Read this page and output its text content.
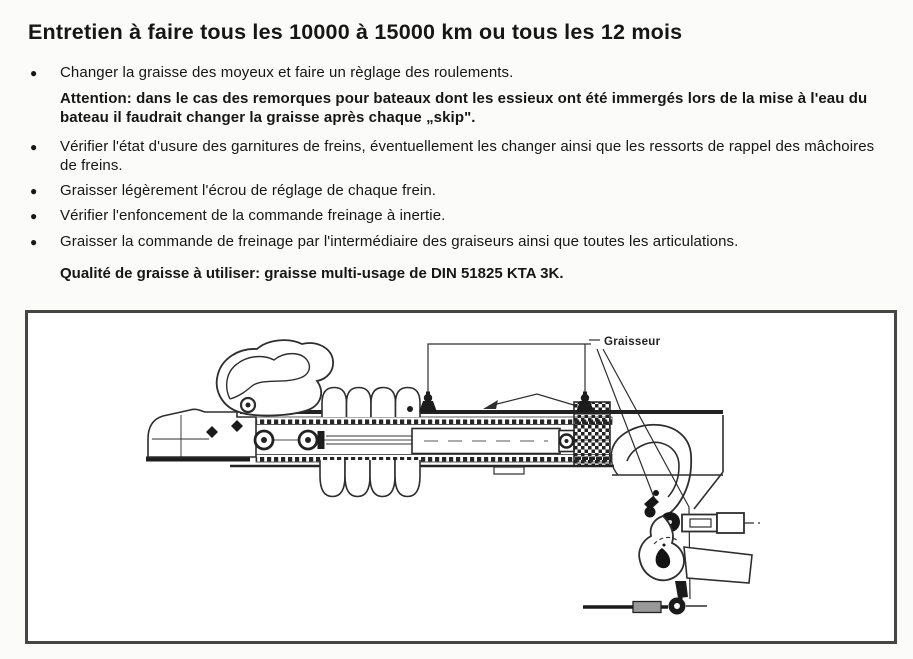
Entretien à faire tous les 10000 à 15000 km ou tous les 12 mois
●	Changer la graisse des moyeux et faire un règlage des roulements.

Attention: dans le cas des remorques pour bateaux dont les essieux ont été immergés lors de la mise à l'eau du bateau il faudrait changer la graisse après chaque „skip".

●	Vérifier l'état d'usure des garnitures de freins, éventuellement les changer ainsi que les ressorts de rappel des mâchoires de freins.

●	Graisser légèrement l'écrou de réglage de chaque frein.

●	Vérifier l'enfoncement de la commande freinage à inertie.

●	Graisser la commande de freinage par l'intermédiaire des graiseurs ainsi que toutes les articulations.

Qualité de graisse à utiliser: graisse multi-usage de DIN 51825 KTA 3K.

Graisseur
